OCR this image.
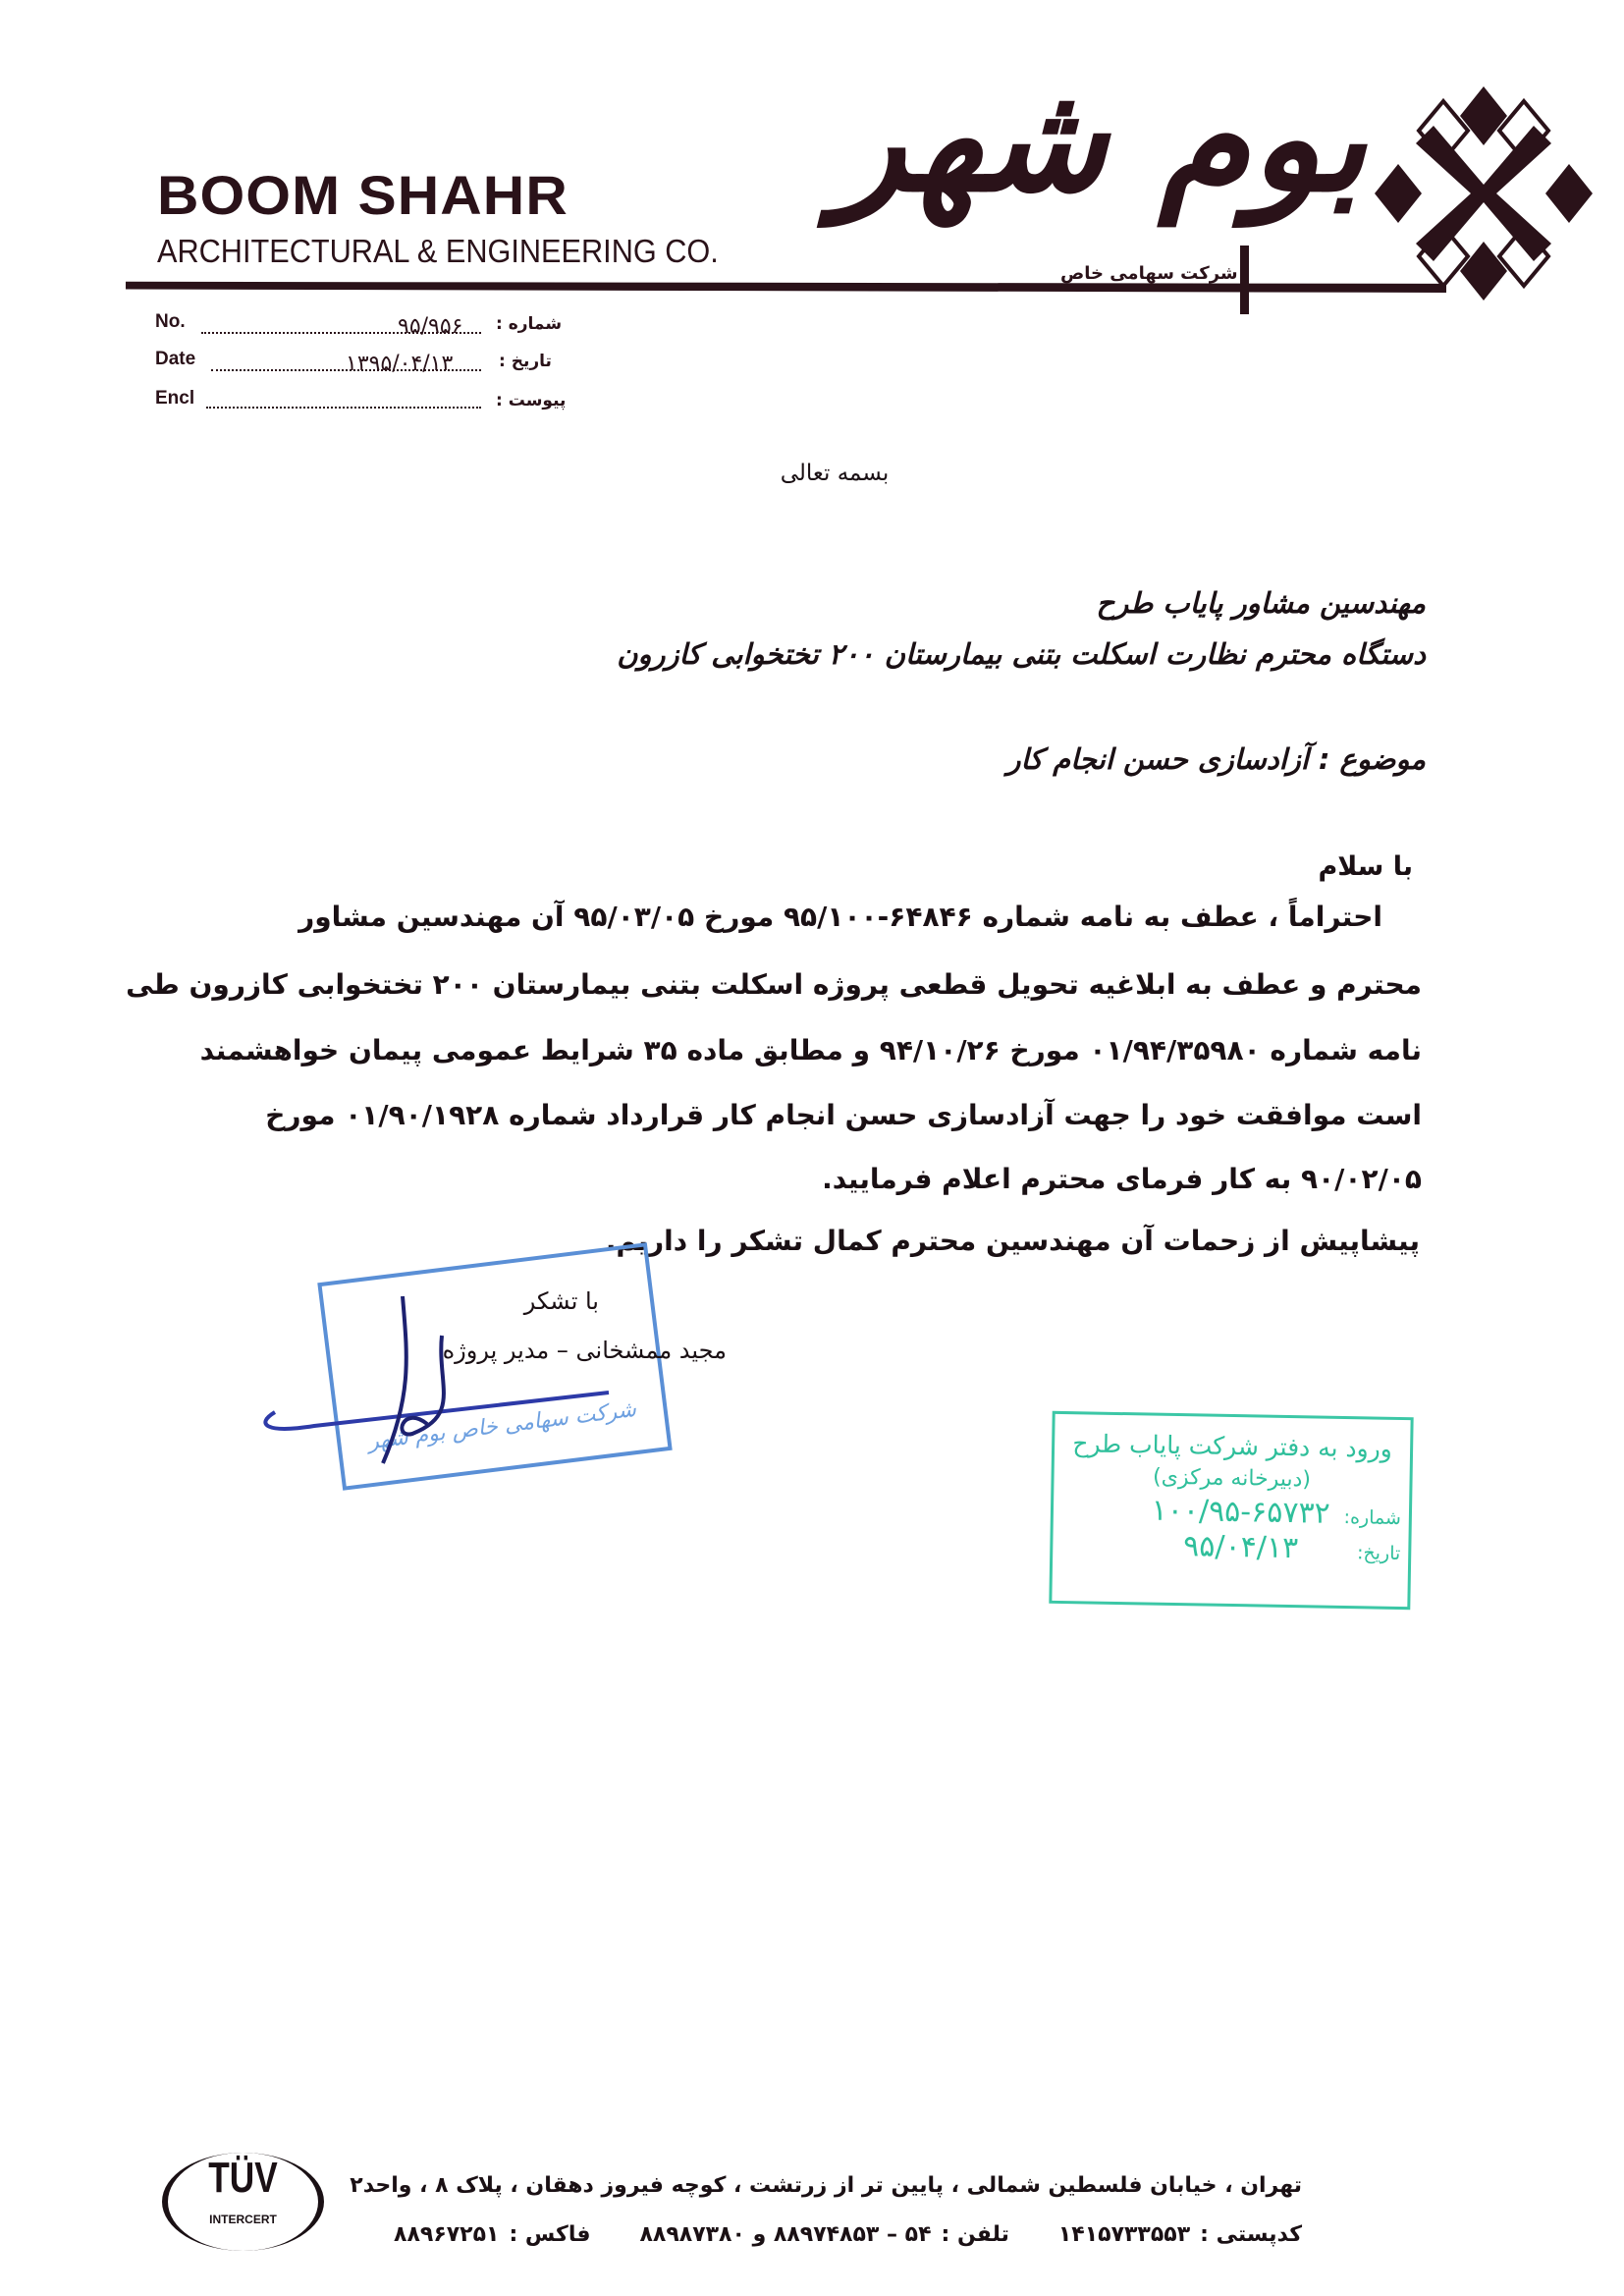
BOOM SHAHR
ARCHITECTURAL & ENGINEERING CO.
بوم شهر
شرکت سهامی خاص
No.	۹۵/۹۵۶ شماره :
Date	۱۳۹۵/۰۴/۱۳	تاریخ :
Encl	پیوست :
بسمه تعالی
مهندسین مشاور پایاب طرح
دستگاه محترم نظارت اسکلت بتنی بیمارستان ۲۰۰ تختخوابی کازرون
موضوع : آزادسازی حسن انجام کار
با سلام
احتراماً ، عطف به نامه شماره ۶۴۸۴۶-۹۵/۱۰۰ مورخ ۹۵/۰۳/۰۵ آن مهندسین مشاور
محترم و عطف به ابلاغیه تحویل قطعی پروژه اسکلت بتنی بیمارستان ۲۰۰ تختخوابی کازرون طی
نامه شماره ۰۱/۹۴/۳۵۹۸۰ مورخ ۹۴/۱۰/۲۶ و مطابق ماده ۳۵ شرایط عمومی پیمان خواهشمند
است موافقت خود را جهت آزادسازی حسن انجام کار قرارداد شماره ۰۱/۹۰/۱۹۲۸ مورخ
۹۰/۰۲/۰۵ به کار فرمای محترم اعلام فرمایید.
پیشاپیش از زحمات آن مهندسین محترم کمال تشکر را داریم.
شرکت سهامی خاص بوم شهر
با تشکر
مجید ممشخانی – مدیر پروژه
ورود به دفتر شرکت پایاب طرح
(دبیرخانه مرکزی)
شماره:
۱۰۰/۹۵-۶۵۷۳۲
تاریخ:
۹۵/۰۴/۱۳
TÜV
INTERCERT
تهران ، خیابان فلسطین شمالی ، پایین تر از زرتشت ، کوچه فیروز دهقان ، پلاک ۸ ، واحد۲
کدپستی :
۱۴۱۵۷۳۳۵۵۳
تلفن :
۵۴ – ۸۸۹۷۴۸۵۳ و ۸۸۹۸۷۳۸۰
فاکس :
۸۸۹۶۷۲۵۱
